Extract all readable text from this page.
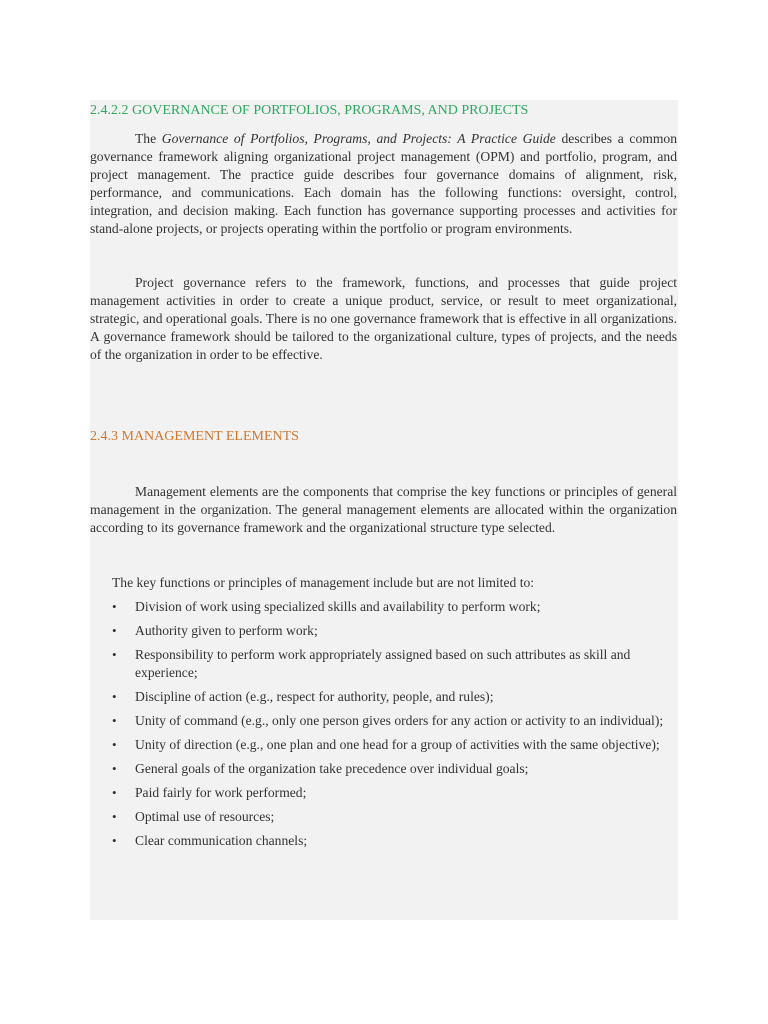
2.4.2.2 GOVERNANCE OF PORTFOLIOS, PROGRAMS, AND PROJECTS

The Governance of Portfolios, Programs, and Projects: A Practice Guide describes a common governance framework aligning organizational project management (OPM) and portfolio, program, and project management. The practice guide describes four governance domains of alignment, risk, performance, and communications. Each domain has the following functions: oversight, control, integration, and decision making. Each function has governance supporting processes and activities for stand-alone projects, or projects operating within the portfolio or program environments.

Project governance refers to the framework, functions, and processes that guide project management activities in order to create a unique product, service, or result to meet organizational, strategic, and operational goals. There is no one governance framework that is effective in all organizations. A governance framework should be tailored to the organizational culture, types of projects, and the needs of the organization in order to be effective.

2.4.3 MANAGEMENT ELEMENTS

Management elements are the components that comprise the key functions or principles of general management in the organization. The general management elements are allocated within the organization according to its governance framework and the organizational structure type selected.

The key functions or principles of management include but are not limited to:

• Division of work using specialized skills and availability to perform work;
• Authority given to perform work;
• Responsibility to perform work appropriately assigned based on such attributes as skill and experience;
• Discipline of action (e.g., respect for authority, people, and rules);
• Unity of command (e.g., only one person gives orders for any action or activity to an individual);
• Unity of direction (e.g., one plan and one head for a group of activities with the same objective);
• General goals of the organization take precedence over individual goals;
• Paid fairly for work performed;
• Optimal use of resources;
• Clear communication channels;
